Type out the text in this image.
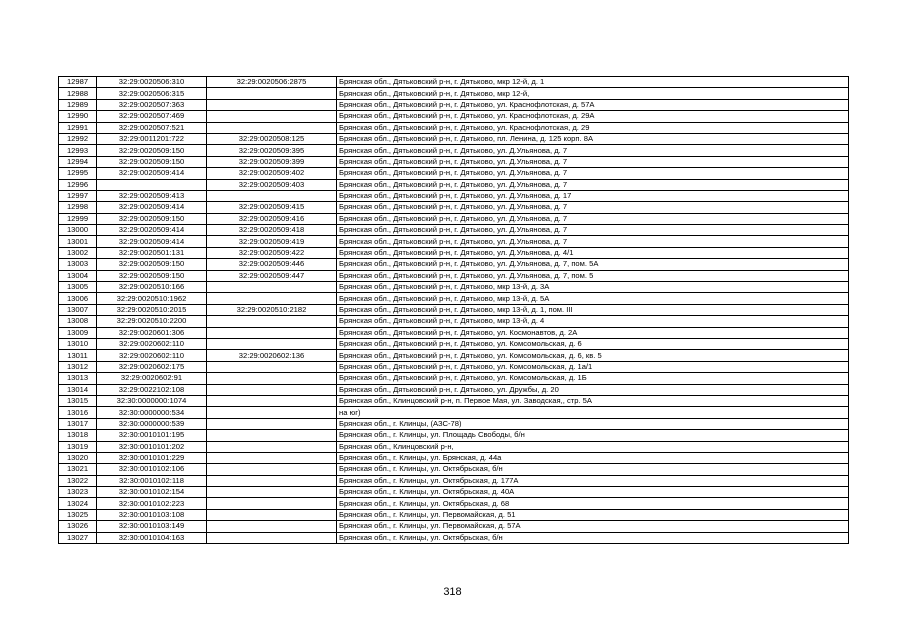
12987	32:29:0020506:310	32:29:0020506:2875	Брянская обл., Дятьковский р-н, г. Дятьково, мкр 12-й, д. 1
12988	32:29:0020506:315		Брянская обл., Дятьковский р-н, г. Дятьково, мкр 12-й,
12989	32:29:0020507:363		Брянская обл., Дятьковский р-н, г. Дятьково, ул. Краснофлотская, д. 57А
12990	32:29:0020507:469		Брянская обл., Дятьковский р-н, г. Дятьково, ул. Краснофлотская, д. 29А
12991	32:29:0020507:521		Брянская обл., Дятьковский р-н, г. Дятьково, ул. Краснофлотская, д. 29
12992	32:29:0011201:722	32:29:0020508:125	Брянская обл., Дятьковский р-н, г. Дятьково, пл. Ленина, д. 125 корп. 8А
12993	32:29:0020509:150	32:29:0020509:395	Брянская обл., Дятьковский р-н, г. Дятьково, ул. Д.Ульянова, д. 7
12994	32:29:0020509:150	32:29:0020509:399	Брянская обл., Дятьковский р-н, г. Дятьково, ул. Д.Ульянова, д. 7
12995	32:29:0020509:414	32:29:0020509:402	Брянская обл., Дятьковский р-н, г. Дятьково, ул. Д.Ульянова, д. 7
12996		32:29:0020509:403	Брянская обл., Дятьковский р-н, г. Дятьково, ул. Д.Ульянова, д. 7
12997	32:29:0020509:413		Брянская обл., Дятьковский р-н, г. Дятьково, ул. Д.Ульянова, д. 17
12998	32:29:0020509:414	32:29:0020509:415	Брянская обл., Дятьковский р-н, г. Дятьково, ул. Д.Ульянова, д. 7
12999	32:29:0020509:150	32:29:0020509:416	Брянская обл., Дятьковский р-н, г. Дятьково, ул. Д.Ульянова, д. 7
13000	32:29:0020509:414	32:29:0020509:418	Брянская обл., Дятьковский р-н, г. Дятьково, ул. Д.Ульянова, д. 7
13001	32:29:0020509:414	32:29:0020509:419	Брянская обл., Дятьковский р-н, г. Дятьково, ул. Д.Ульянова, д. 7
13002	32:29:0020501:131	32:29:0020509:422	Брянская обл., Дятьковский р-н, г. Дятьково, ул. Д.Ульянова, д. 4/1
13003	32:29:0020509:150	32:29:0020509:446	Брянская обл., Дятьковский р-н, г. Дятьково, ул. Д.Ульянова, д. 7, пом. 5А
13004	32:29:0020509:150	32:29:0020509:447	Брянская обл., Дятьковский р-н, г. Дятьково, ул. Д.Ульянова, д. 7, пом. 5
13005	32:29:0020510:166		Брянская обл., Дятьковский р-н, г. Дятьково, мкр 13-й, д. 3А
13006	32:29:0020510:1962		Брянская обл., Дятьковский р-н, г. Дятьково, мкр 13-й, д. 5А
13007	32:29:0020510:2015	32:29:0020510:2182	Брянская обл., Дятьковский р-н, г. Дятьково, мкр 13-й, д. 1, пом. III
13008	32:29:0020510:2200		Брянская обл., Дятьковский р-н, г. Дятьково, мкр 13-й, д. 4
13009	32:29:0020601:306		Брянская обл., Дятьковский р-н, г. Дятьково, ул. Космонавтов, д. 2А
13010	32:29:0020602:110		Брянская обл., Дятьковский р-н, г. Дятьково, ул. Комсомольская, д. 6
13011	32:29:0020602:110	32:29:0020602:136	Брянская обл., Дятьковский р-н, г. Дятьково, ул. Комсомольская, д. 6, кв. 5
13012	32:29:0020602:175		Брянская обл., Дятьковский р-н, г. Дятьково, ул. Комсомольская, д. 1а/1
13013	32:29:0020602:91		Брянская обл., Дятьковский р-н, г. Дятьково, ул. Комсомольская, д. 1Б
13014	32:29:0022102:108		Брянская обл., Дятьковский р-н, г. Дятьково, ул. Дружбы, д. 20
13015	32:30:0000000:1074		Брянская обл., Клинцовский р-н, п. Первое Мая, ул. Заводская,, стр. 5А
13016	32:30:0000000:534		на юг)
13017	32:30:0000000:539		Брянская обл., г. Клинцы, (АЗС-78)
13018	32:30:0010101:195		Брянская обл., г. Клинцы, ул. Площадь Свободы, б/н
13019	32:30:0010101:202		Брянская обл., Клинцовский р-н,
13020	32:30:0010101:229		Брянская обл., г. Клинцы, ул. Брянская, д. 44а
13021	32:30:0010102:106		Брянская обл., г. Клинцы, ул. Октябрьская, б/н
13022	32:30:0010102:118		Брянская обл., г. Клинцы, ул. Октябрьская, д. 177А
13023	32:30:0010102:154		Брянская обл., г. Клинцы, ул. Октябрьская, д. 40А
13024	32:30:0010102:223		Брянская обл., г. Клинцы, ул. Октябрьская, д. 68
13025	32:30:0010103:108		Брянская обл., г. Клинцы, ул. Первомайская, д. 51
13026	32:30:0010103:149		Брянская обл., г. Клинцы, ул. Первомайская, д. 57А
13027	32:30:0010104:163		Брянская обл., г. Клинцы, ул. Октябрьская, б/н
318
